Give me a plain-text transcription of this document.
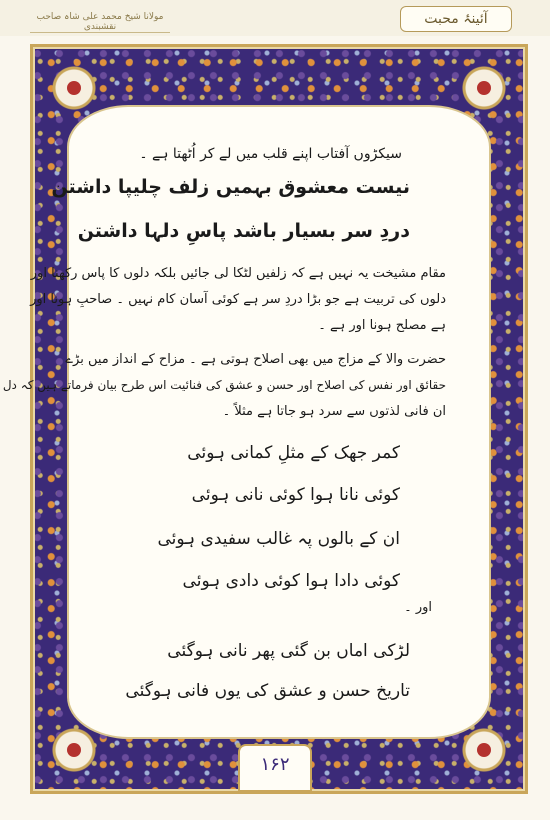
مولانا شیخ محمد علی شاہ صاحب نقشبندی	آئینۂ محبت
سیکڑوں آفتاب اپنے قلب میں لے کر اُٹھتا ہے ۔
نیست معشوق بہمیں زلف چلیپا داشتن
دردِ سر بسیار باشد پاسِ دلہا داشتن
مقام مشیخت یہ نہیں ہے کہ زلفیں لٹکا لی جائیں بلکہ دلوں کا پاس رکھنا اور
دلوں کی تربیت ہے جو بڑا دردِ سر ہے کوئی آسان کام نہیں ۔ صاحبِ ہونا اور
ہے مصلح ہونا اور ہے ۔
حضرت والا کے مزاج میں بھی اصلاح ہوتی ہے ۔ مزاح کے انداز میں بڑے
حقائق اور نفس کی اصلاح اور حسن و عشق کی فنائیت اس طرح بیان فرماتے ہیں کہ دل
ان فانی لذتوں سے سرد ہو جاتا ہے مثلاً ۔
کمر جھک کے مثلِ کمانی ہوئی
کوئی نانا ہوا کوئی نانی ہوئی
ان کے بالوں پہ غالب سفیدی ہوئی
کوئی دادا ہوا کوئی دادی ہوئی
اور ۔
لڑکی اماں بن گئی پھر نانی ہوگئی
تاریخ حسن و عشق کی یوں فانی ہوگئی
۱۶۲
